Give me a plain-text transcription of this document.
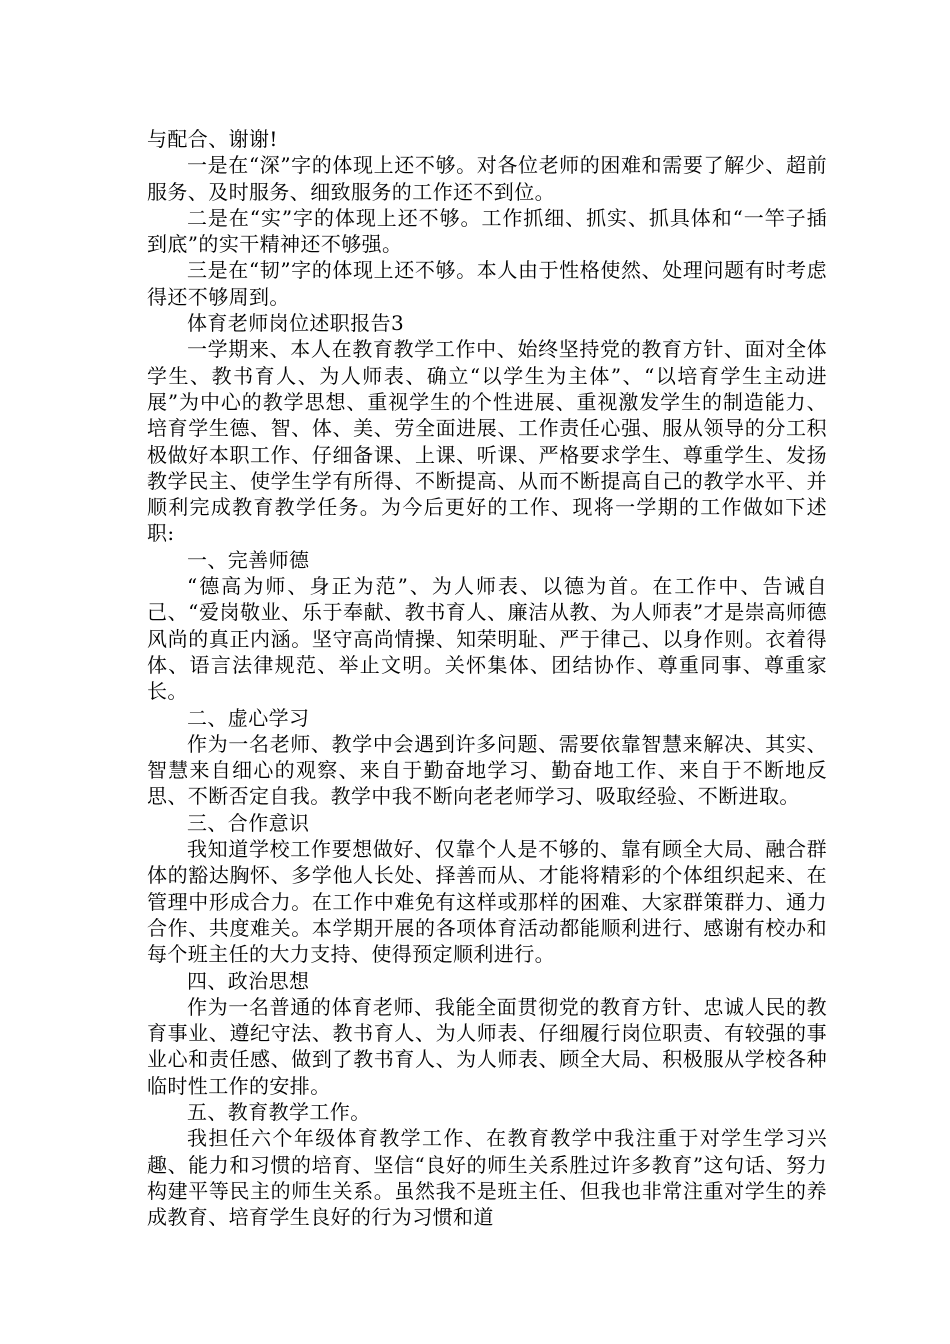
与配合、谢谢!

一是在“深”字的体现上还不够。对各位老师的困难和需要了解少、超前服务、及时服务、细致服务的工作还不到位。

二是在“实”字的体现上还不够。工作抓细、抓实、抓具体和“一竿子插到底”的实干精神还不够强。

三是在“韧”字的体现上还不够。本人由于性格使然、处理问题有时考虑得还不够周到。

体育老师岗位述职报告3

一学期来、本人在教育教学工作中、始终坚持党的教育方针、面对全体学生、教书育人、为人师表、确立“以学生为主体”、“以培育学生主动进展”为中心的教学思想、重视学生的个性进展、重视激发学生的制造能力、培育学生德、智、体、美、劳全面进展、工作责任心强、服从领导的分工积极做好本职工作、仔细备课、上课、听课、严格要求学生、尊重学生、发扬教学民主、使学生学有所得、不断提高、从而不断提高自己的教学水平、并顺利完成教育教学任务。为今后更好的工作、现将一学期的工作做如下述职:

一、完善师德

“德高为师、身正为范”、为人师表、以德为首。在工作中、告诫自己、“爱岗敬业、乐于奉献、教书育人、廉洁从教、为人师表”才是崇高师德风尚的真正内涵。坚守高尚情操、知荣明耻、严于律己、以身作则。衣着得体、语言法律规范、举止文明。关怀集体、团结协作、尊重同事、尊重家长。

二、虚心学习

作为一名老师、教学中会遇到许多问题、需要依靠智慧来解决、其实、智慧来自细心的观察、来自于勤奋地学习、勤奋地工作、来自于不断地反思、不断否定自我。教学中我不断向老老师学习、吸取经验、不断进取。

三、合作意识

我知道学校工作要想做好、仅靠个人是不够的、靠有顾全大局、融合群体的豁达胸怀、多学他人长处、择善而从、才能将精彩的个体组织起来、在管理中形成合力。在工作中难免有这样或那样的困难、大家群策群力、通力合作、共度难关。本学期开展的各项体育活动都能顺利进行、感谢有校办和每个班主任的大力支持、使得预定顺利进行。

四、政治思想

作为一名普通的体育老师、我能全面贯彻党的教育方针、忠诚人民的教育事业、遵纪守法、教书育人、为人师表、仔细履行岗位职责、有较强的事业心和责任感、做到了教书育人、为人师表、顾全大局、积极服从学校各种临时性工作的安排。

五、教育教学工作。

我担任六个年级体育教学工作、在教育教学中我注重于对学生学习兴趣、能力和习惯的培育、坚信“良好的师生关系胜过许多教育”这句话、努力构建平等民主的师生关系。虽然我不是班主任、但我也非常注重对学生的养成教育、培育学生良好的行为习惯和道
